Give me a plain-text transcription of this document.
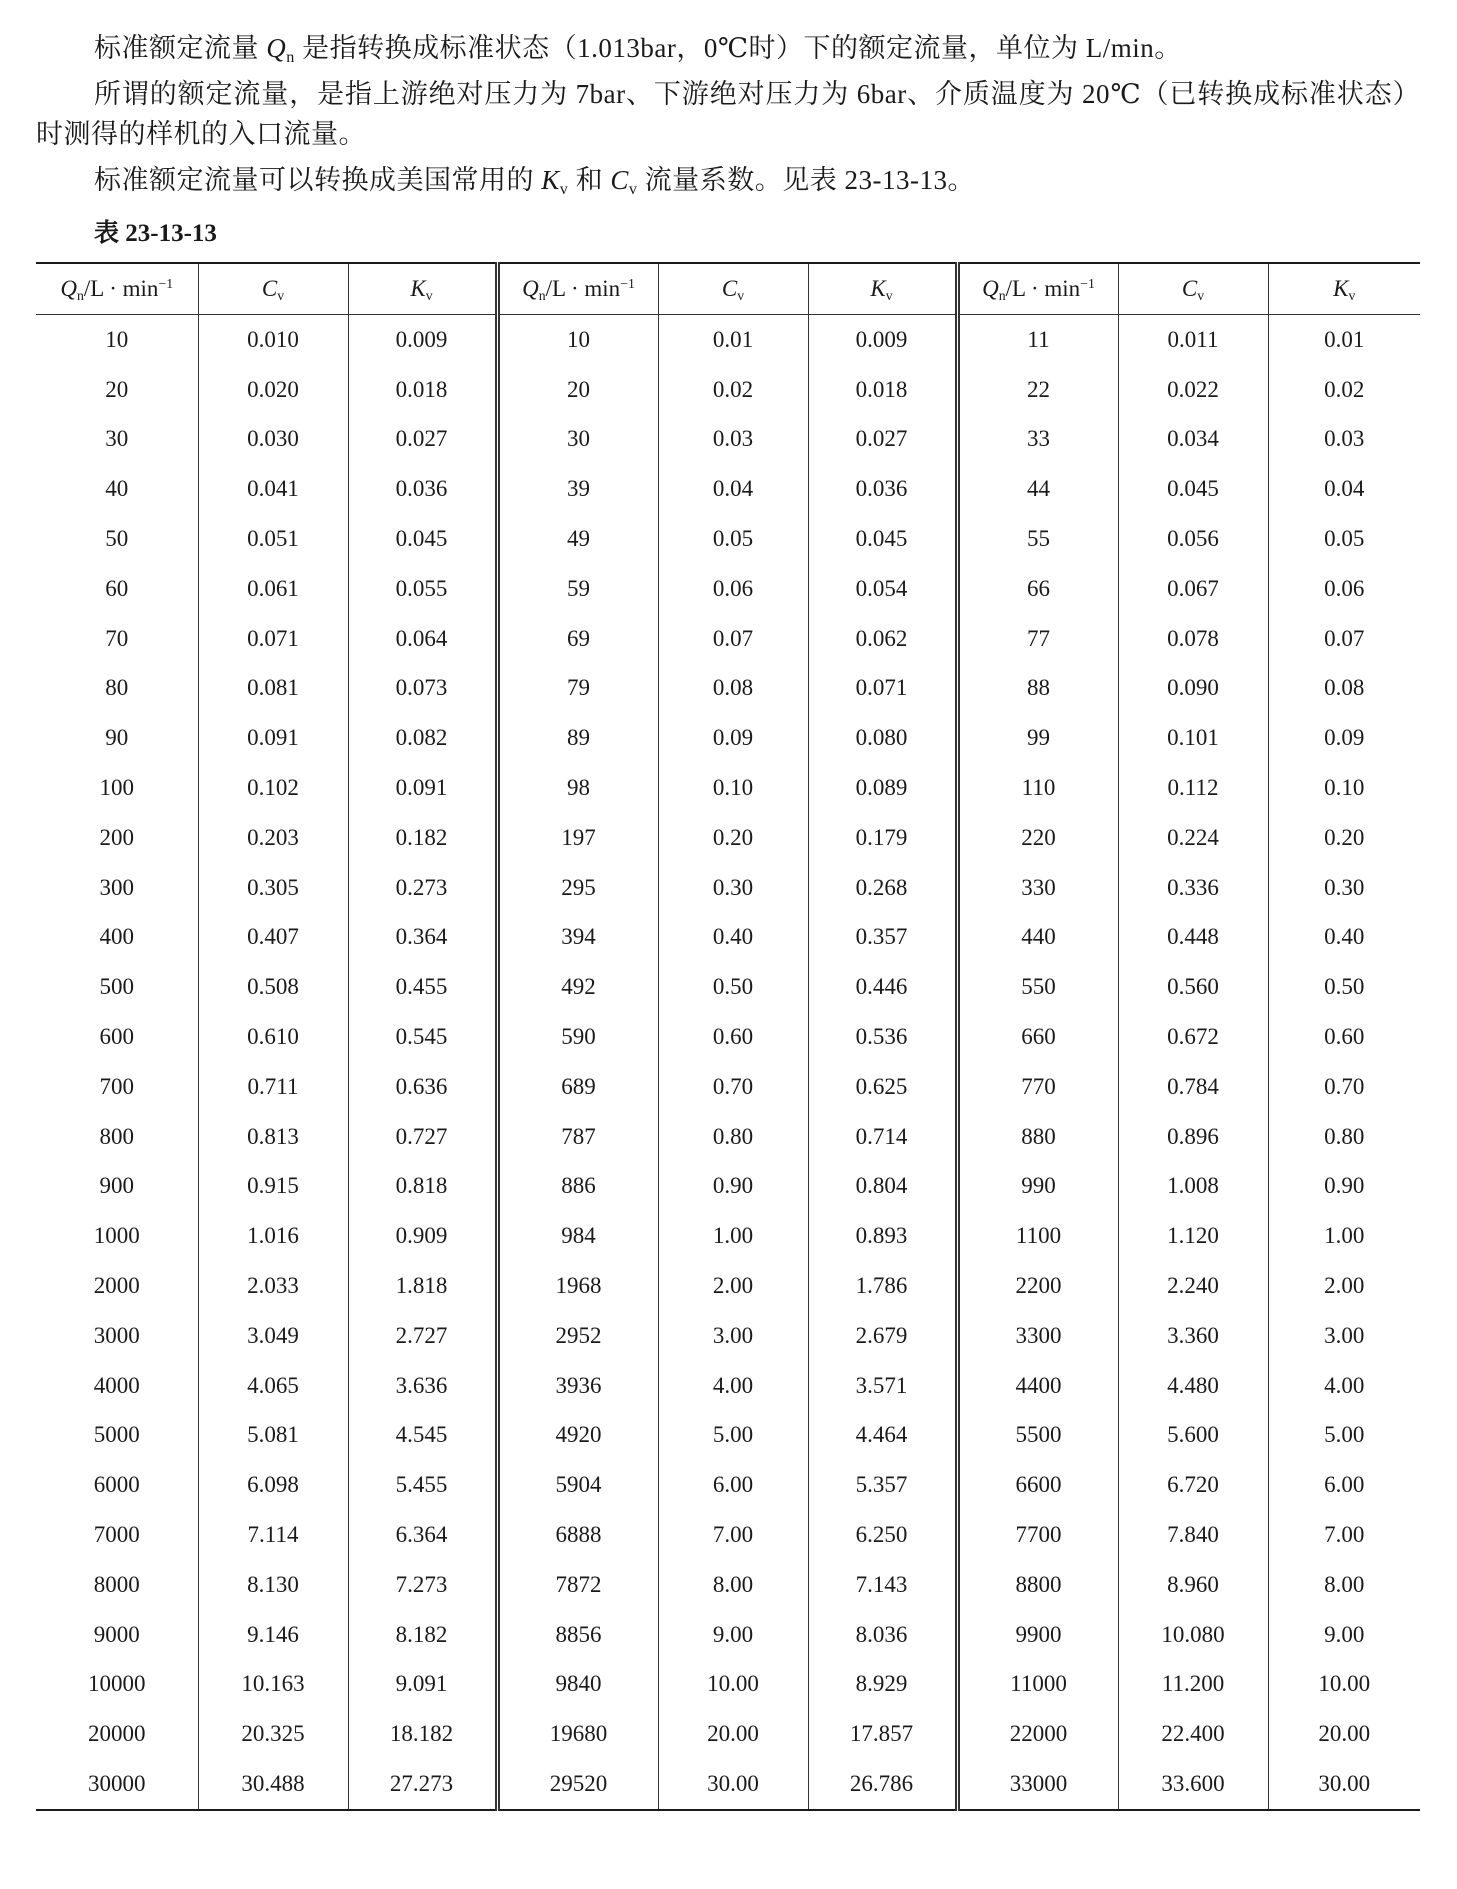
标准额定流量 $Q_n$ 是指转换成标准状态（1.013bar，0℃时）下的额定流量，单位为 L/min。

所谓的额定流量，是指上游绝对压力为 7bar、下游绝对压力为 6bar、介质温度为 20℃（已转换成标准状态）时测得的样机的入口流量。

标准额定流量可以转换成美国常用的 $K_v$ 和 $C_v$ 流量系数。见表 23-13-13。

表 23-13-13
$Q_n/L \cdot \min^{-1}$	$C_v$	$K_v$	$Q_n/L \cdot \min^{-1}$	$C_v$	$K_v$	$Q_n/L \cdot \min^{-1}$	$C_v$	$K_v$
10	0.010	0.009	10	0.01	0.009	11	0.011	0.01
20	0.020	0.018	20	0.02	0.018	22	0.022	0.02
30	0.030	0.027	30	0.03	0.027	33	0.034	0.03
40	0.041	0.036	39	0.04	0.036	44	0.045	0.04
50	0.051	0.045	49	0.05	0.045	55	0.056	0.05
60	0.061	0.055	59	0.06	0.054	66	0.067	0.06
70	0.071	0.064	69	0.07	0.062	77	0.078	0.07
80	0.081	0.073	79	0.08	0.071	88	0.090	0.08
90	0.091	0.082	89	0.09	0.080	99	0.101	0.09
100	0.102	0.091	98	0.10	0.089	110	0.112	0.10
200	0.203	0.182	197	0.20	0.179	220	0.224	0.20
300	0.305	0.273	295	0.30	0.268	330	0.336	0.30
400	0.407	0.364	394	0.40	0.357	440	0.448	0.40
500	0.508	0.455	492	0.50	0.446	550	0.560	0.50
600	0.610	0.545	590	0.60	0.536	660	0.672	0.60
700	0.711	0.636	689	0.70	0.625	770	0.784	0.70
800	0.813	0.727	787	0.80	0.714	880	0.896	0.80
900	0.915	0.818	886	0.90	0.804	990	1.008	0.90
1000	1.016	0.909	984	1.00	0.893	1100	1.120	1.00
2000	2.033	1.818	1968	2.00	1.786	2200	2.240	2.00
3000	3.049	2.727	2952	3.00	2.679	3300	3.360	3.00
4000	4.065	3.636	3936	4.00	3.571	4400	4.480	4.00
5000	5.081	4.545	4920	5.00	4.464	5500	5.600	5.00
6000	6.098	5.455	5904	6.00	5.357	6600	6.720	6.00
7000	7.114	6.364	6888	7.00	6.250	7700	7.840	7.00
8000	8.130	7.273	7872	8.00	7.143	8800	8.960	8.00
9000	9.146	8.182	8856	9.00	8.036	9900	10.080	9.00
10000	10.163	9.091	9840	10.00	8.929	11000	11.200	10.00
20000	20.325	18.182	19680	20.00	17.857	22000	22.400	20.00
30000	30.488	27.273	29520	30.00	26.786	33000	33.600	30.00
